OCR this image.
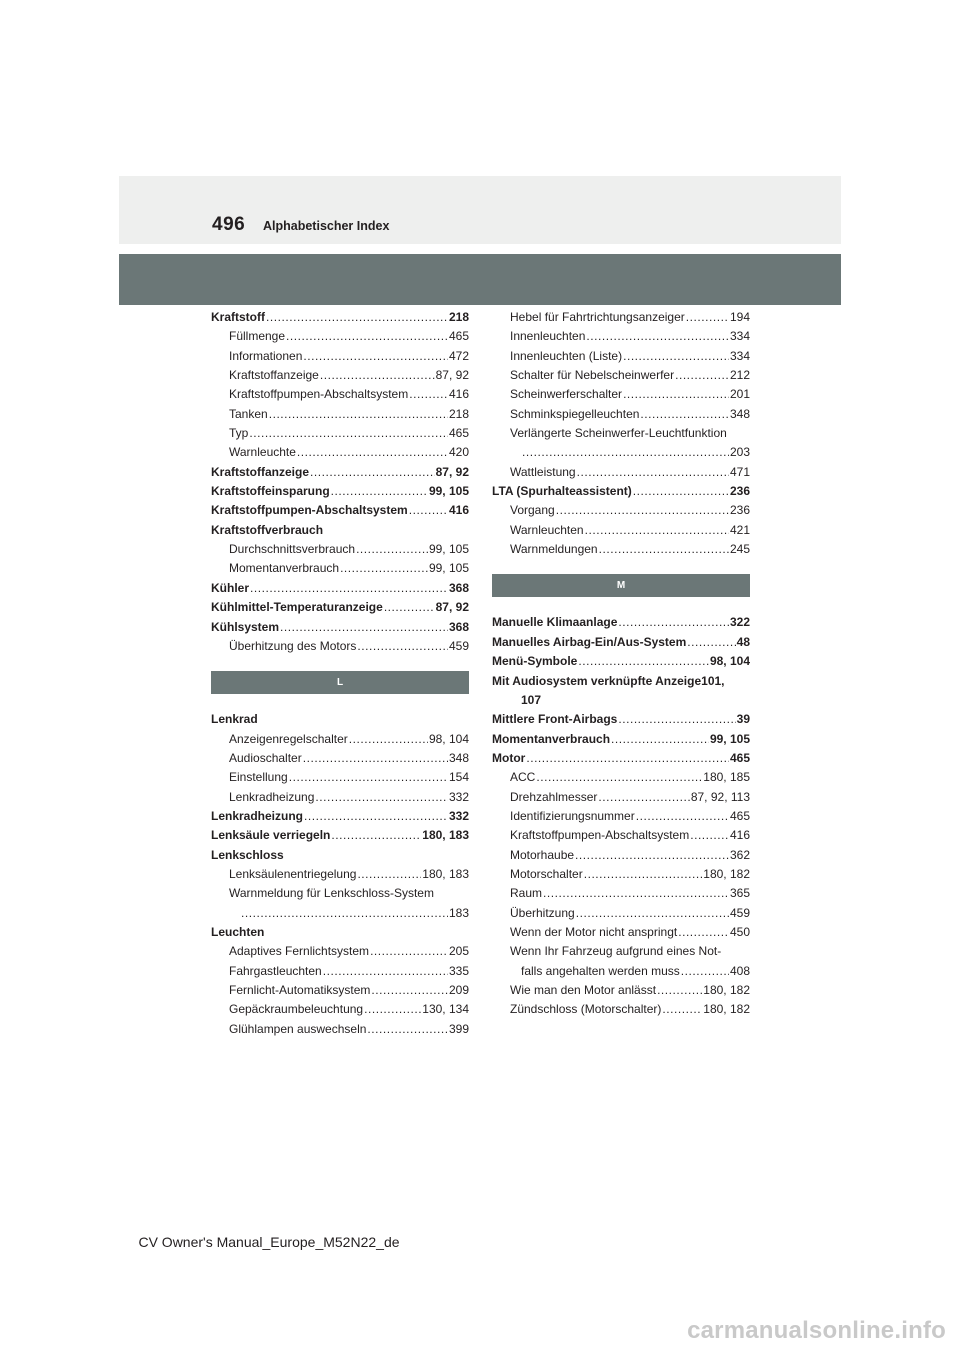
496 Alphabetischer Index
Kraftstoff . . .	218
Füllmenge . . .	465
Informationen . . .	472
Kraftstoffanzeige . . .	87, 92
Kraftstoffpumpen-Abschaltsystem . . .	416
Tanken . . .	218
Typ . . .	465
Warnleuchte . . .	420
Kraftstoffanzeige . . .	87, 92
Kraftstoffeinsparung . . .	99, 105
Kraftstoffpumpen-Abschaltsystem . . .	416
Kraftstoffverbrauch
Durchschnittsverbrauch . . .	99, 105
Momentanverbrauch . . .	99, 105
Kühler . . .	368
Kühlmittel-Temperaturanzeige . . .	87, 92
Kühlsystem . . .	368
Überhitzung des Motors . . .	459
L
Lenkrad
Anzeigenregelschalter . . .	98, 104
Audioschalter . . .	348
Einstellung . . .	154
Lenkradheizung . . .	332
Lenkradheizung . . .	332
Lenksäule verriegeln . . .	180, 183
Lenkschloss
Lenksäulenentriegelung . . .	180, 183
Warnmeldung für Lenkschloss-System
. . .
183
Leuchten
Adaptives Fernlichtsystem . . .	205
Fahrgastleuchten . . .	335
Fernlicht-Automatiksystem . . .	209
Gepäckraumbeleuchtung . . .	130, 134
Glühlampen auswechseln . . .	399
Hebel für Fahrtrichtungsanzeiger . . .	194
Innenleuchten . . .	334
Innenleuchten (Liste) . . .	334
Schalter für Nebelscheinwerfer . . .	212
Scheinwerferschalter . . .	201
Schminkspiegelleuchten . . .	348
Verlängerte Scheinwerfer-Leuchtfunktion
. . .
203
Wattleistung . . .	471
LTA (Spurhalteassistent) . . .	236
Vorgang . . .	236
Warnleuchten . . .	421
Warnmeldungen . . .	245
M
Manuelle Klimaanlage . . .	322
Manuelles Airbag-Ein/Aus-System . . .	48
Menü-Symbole . . .	98, 104
Mit Audiosystem verknüpfte Anzeige101,
107
Mittlere Front-Airbags . . .	39
Momentanverbrauch . . .	99, 105
Motor . . .	465
ACC . . .	180, 185
Drehzahlmesser . . .	87, 92, 113
Identifizierungsnummer . . .	465
Kraftstoffpumpen-Abschaltsystem . . .	416
Motorhaube . . .	362
Motorschalter . . .	180, 182
Raum . . .	365
Überhitzung . . .	459
Wenn der Motor nicht anspringt . . .	450
Wenn Ihr Fahrzeug aufgrund eines Not-
falls angehalten werden muss . . .	408
Wie man den Motor anlässt . . .	180, 182
Zündschloss (Motorschalter) . . .	180, 182
CV Owner's Manual_Europe_M52N22_de
carmanualsonline.info
